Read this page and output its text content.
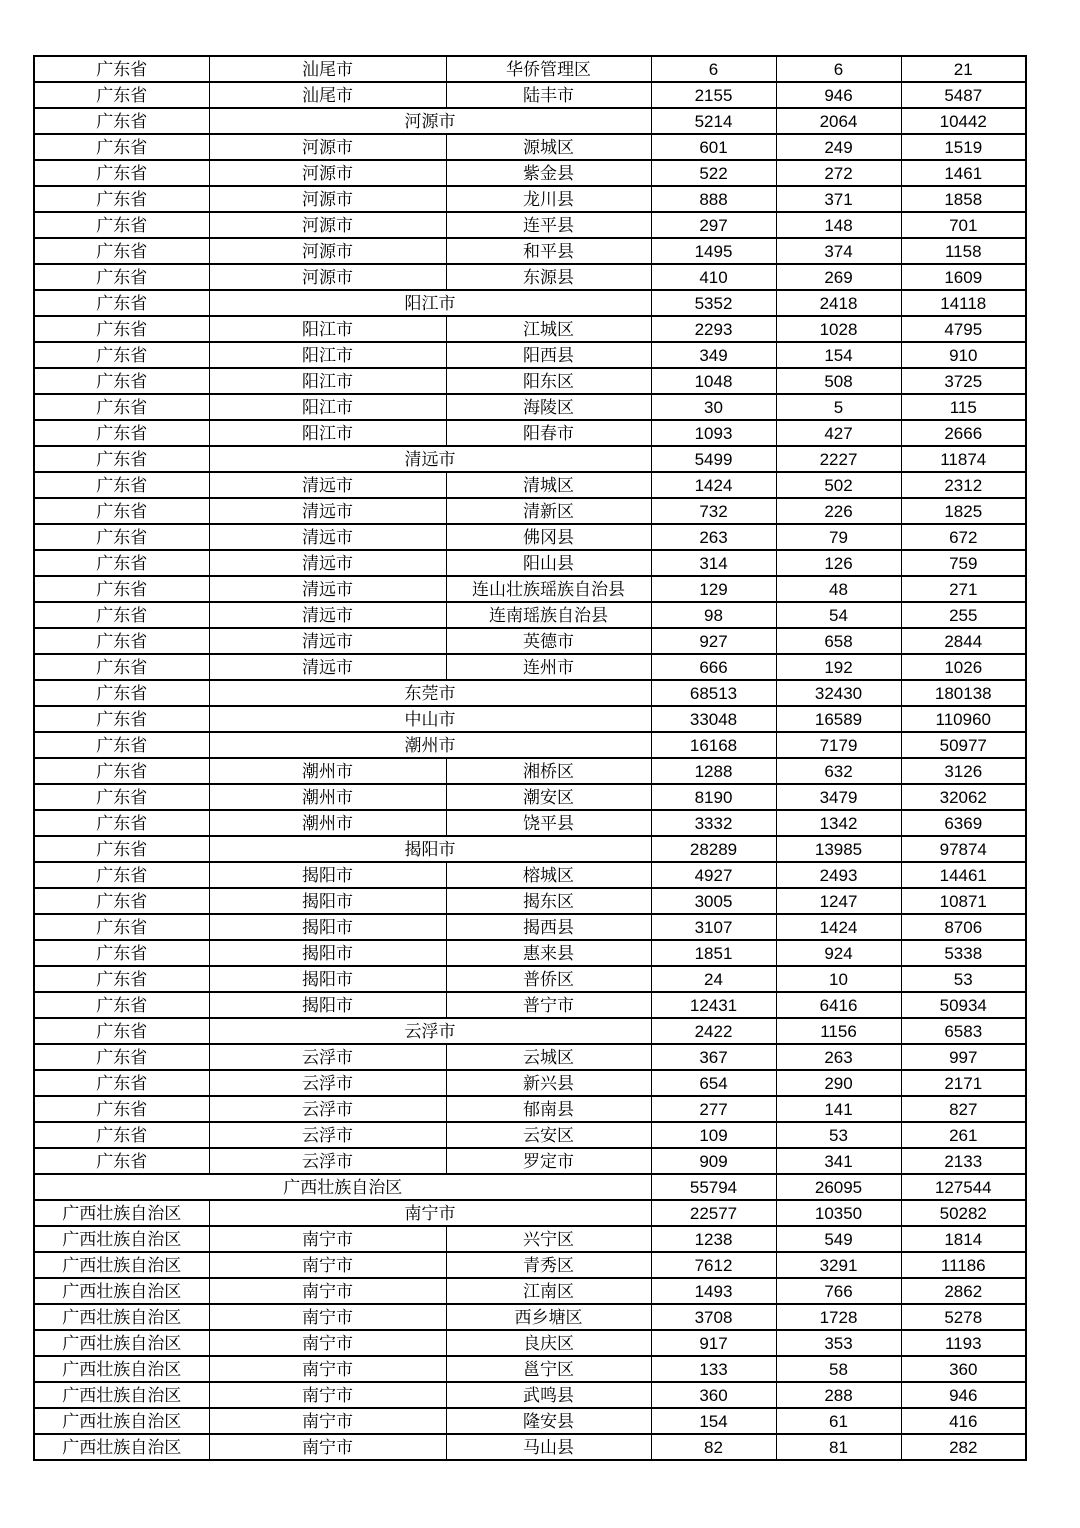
广东省	汕尾市	华侨管理区	6	6	21
广东省	汕尾市	陆丰市	2155	946	5487
广东省	河源市		5214	2064	10442
广东省	河源市	源城区	601	249	1519
广东省	河源市	紫金县	522	272	1461
广东省	河源市	龙川县	888	371	1858
广东省	河源市	连平县	297	148	701
广东省	河源市	和平县	1495	374	1158
广东省	河源市	东源县	410	269	1609
广东省	阳江市		5352	2418	14118
广东省	阳江市	江城区	2293	1028	4795
广东省	阳江市	阳西县	349	154	910
广东省	阳江市	阳东区	1048	508	3725
广东省	阳江市	海陵区	30	5	115
广东省	阳江市	阳春市	1093	427	2666
广东省	清远市		5499	2227	11874
广东省	清远市	清城区	1424	502	2312
广东省	清远市	清新区	732	226	1825
广东省	清远市	佛冈县	263	79	672
广东省	清远市	阳山县	314	126	759
广东省	清远市	连山壮族瑶族自治县	129	48	271
广东省	清远市	连南瑶族自治县	98	54	255
广东省	清远市	英德市	927	658	2844
广东省	清远市	连州市	666	192	1026
广东省	东莞市		68513	32430	180138
广东省	中山市		33048	16589	110960
广东省	潮州市		16168	7179	50977
广东省	潮州市	湘桥区	1288	632	3126
广东省	潮州市	潮安区	8190	3479	32062
广东省	潮州市	饶平县	3332	1342	6369
广东省	揭阳市		28289	13985	97874
广东省	揭阳市	榕城区	4927	2493	14461
广东省	揭阳市	揭东区	3005	1247	10871
广东省	揭阳市	揭西县	3107	1424	8706
广东省	揭阳市	惠来县	1851	924	5338
广东省	揭阳市	普侨区	24	10	53
广东省	揭阳市	普宁市	12431	6416	50934
广东省	云浮市		2422	1156	6583
广东省	云浮市	云城区	367	263	997
广东省	云浮市	新兴县	654	290	2171
广东省	云浮市	郁南县	277	141	827
广东省	云浮市	云安区	109	53	261
广东省	云浮市	罗定市	909	341	2133
广西壮族自治区			55794	26095	127544
广西壮族自治区	南宁市		22577	10350	50282
广西壮族自治区	南宁市	兴宁区	1238	549	1814
广西壮族自治区	南宁市	青秀区	7612	3291	11186
广西壮族自治区	南宁市	江南区	1493	766	2862
广西壮族自治区	南宁市	西乡塘区	3708	1728	5278
广西壮族自治区	南宁市	良庆区	917	353	1193
广西壮族自治区	南宁市	邕宁区	133	58	360
广西壮族自治区	南宁市	武鸣县	360	288	946
广西壮族自治区	南宁市	隆安县	154	61	416
广西壮族自治区	南宁市	马山县	82	81	282
